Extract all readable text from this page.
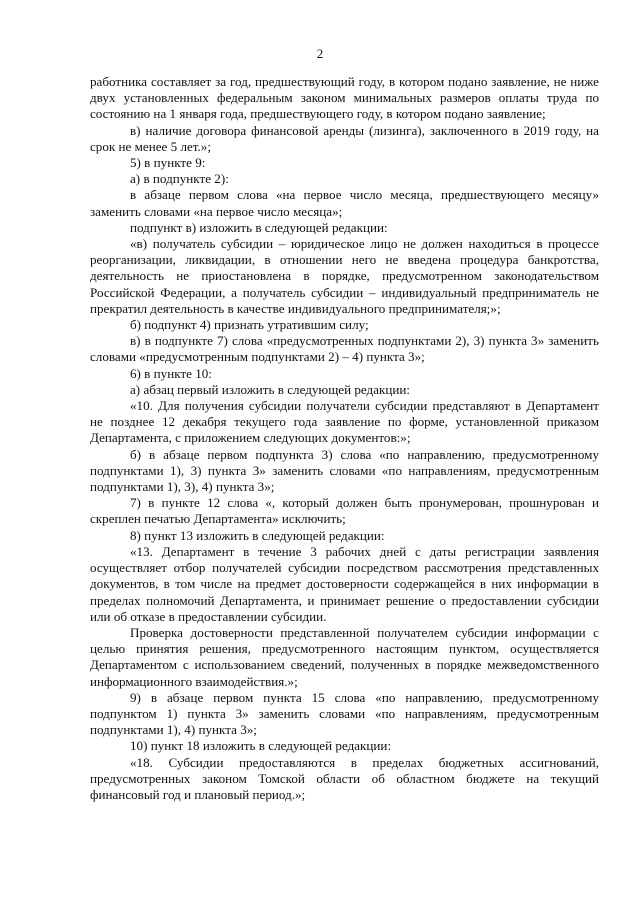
2

работника составляет за год, предшествующий году, в котором подано заявление, не ниже двух установленных федеральным законом минимальных размеров оплаты труда по состоянию на 1 января года, предшествующего году, в котором подано заявление;

в) наличие договора финансовой аренды (лизинга), заключенного в 2019 году, на срок не менее 5 лет.»;

5) в пункте 9:

а) в подпункте 2):

в абзаце первом слова «на первое число месяца, предшествующего месяцу» заменить словами «на первое число месяца»;

подпункт в) изложить в следующей редакции:

«в) получатель субсидии – юридическое лицо не должен находиться в процессе реорганизации, ликвидации, в отношении него не введена процедура банкротства, деятельность не приостановлена в порядке, предусмотренном законодательством Российской Федерации, а получатель субсидии – индивидуальный предприниматель не прекратил деятельность в качестве индивидуального предпринимателя;»;

б) подпункт 4) признать утратившим силу;

в) в подпункте 7) слова «предусмотренных подпунктами 2), 3) пункта 3» заменить словами «предусмотренным подпунктами 2) – 4) пункта 3»;

6) в пункте 10:

а) абзац первый изложить в следующей редакции:

«10. Для получения субсидии получатели субсидии представляют в Департамент не позднее 12 декабря текущего года заявление по форме, установленной приказом Департамента, с приложением следующих документов:»;

б) в абзаце первом подпункта 3) слова «по направлению, предусмотренному подпунктами 1), 3) пункта 3» заменить словами «по направлениям, предусмотренным подпунктами 1), 3), 4) пункта 3»;

7) в пункте 12 слова «, который должен быть пронумерован, прошнурован и скреплен печатью Департамента» исключить;

8) пункт 13 изложить в следующей редакции:

«13. Департамент в течение 3 рабочих дней с даты регистрации заявления осуществляет отбор получателей субсидии посредством рассмотрения представленных документов, в том числе на предмет достоверности содержащейся в них информации в пределах полномочий Департамента, и принимает решение о предоставлении субсидии или об отказе в предоставлении субсидии.

Проверка достоверности представленной получателем субсидии информации с целью принятия решения, предусмотренного настоящим пунктом, осуществляется Департаментом с использованием сведений, полученных в порядке межведомственного информационного взаимодействия.»;

9) в абзаце первом пункта 15 слова «по направлению, предусмотренному подпунктом 1) пункта 3» заменить словами «по направлениям, предусмотренным подпунктами 1), 4) пункта 3»;

10) пункт 18 изложить в следующей редакции:

«18. Субсидии предоставляются в пределах бюджетных ассигнований, предусмотренных законом Томской области об областном бюджете на текущий финансовый год и плановый период.»;
